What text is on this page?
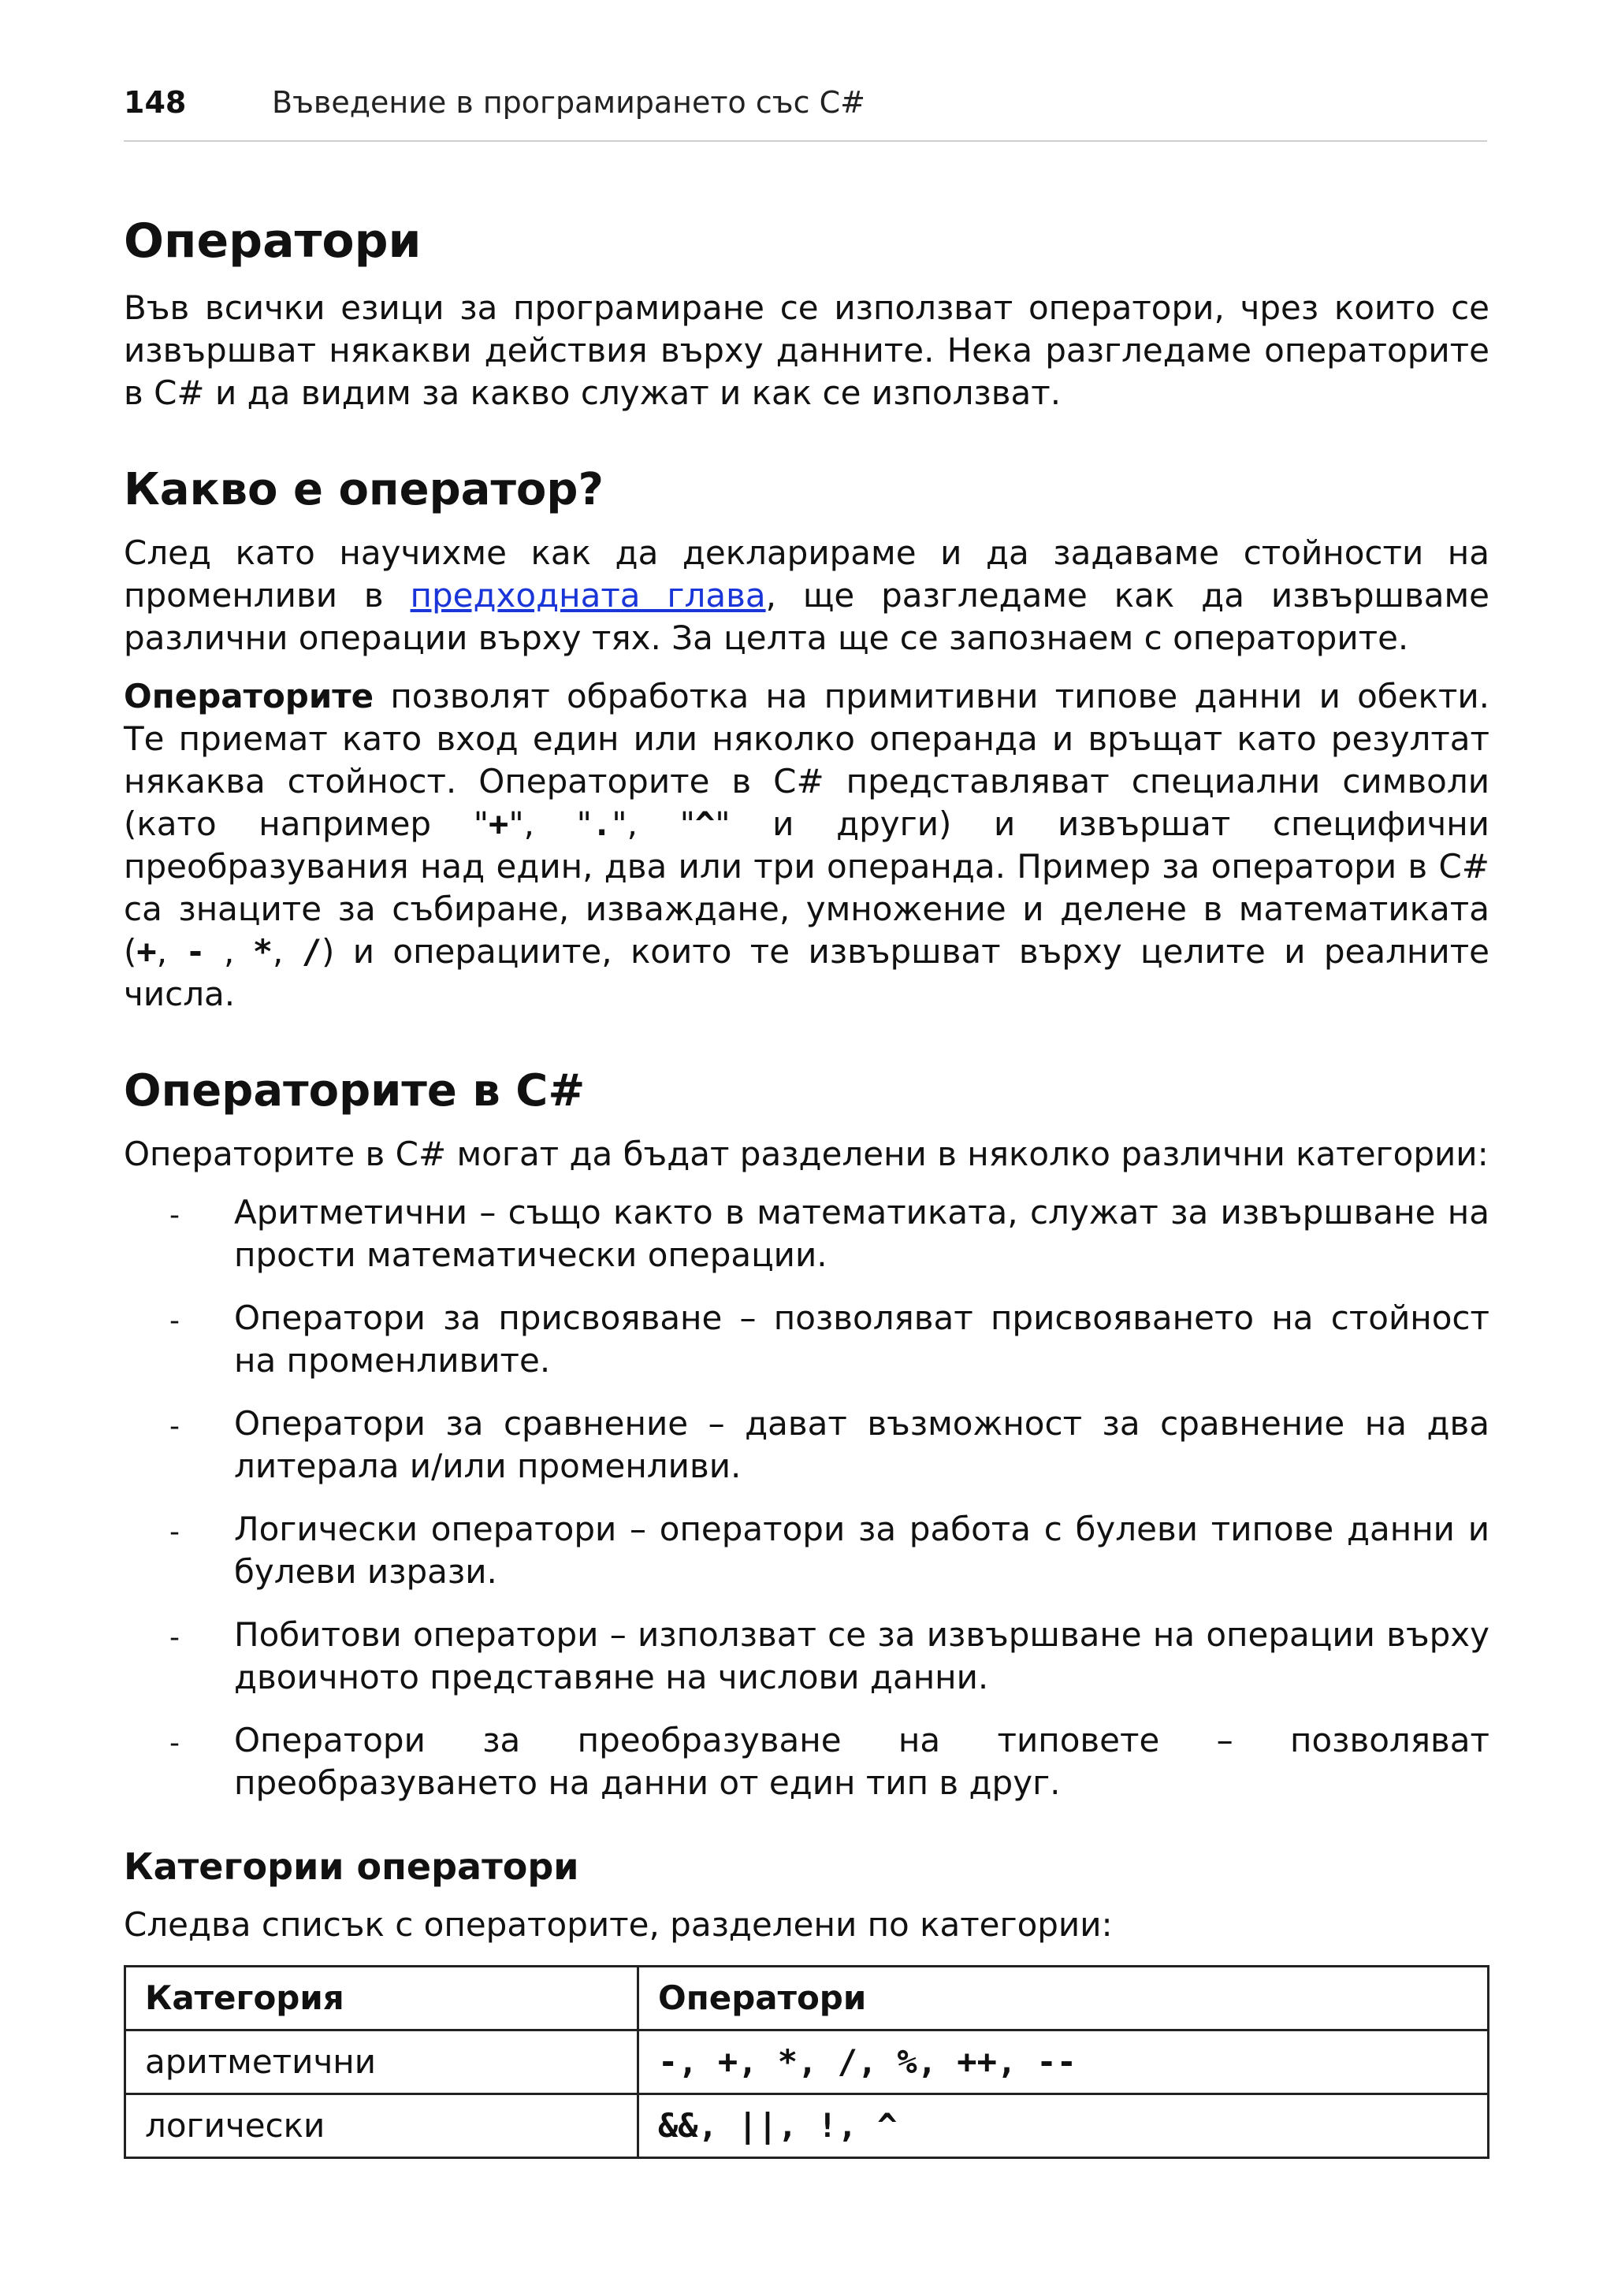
148	Въведение в програмирането със C#
Оператори

Във всички езици за програмиране се използват оператори, чрез които се извършват някакви действия върху данните. Нека разгледаме операторите в C# и да видим за какво служат и как се използват.

Какво е оператор?

След като научихме как да декларираме и да задаваме стойности на променливи в предходната глава, ще разгледаме как да извършваме различни операции върху тях. За целта ще се запознаем с операторите.

Операторите позволят обработка на примитивни типове данни и обекти. Те приемат като вход един или няколко операнда и връщат като резултат някаква стойност. Операторите в C# представляват специални символи (като например "+", ".", "^" и други) и извършат специфични преобразувания над един, два или три операнда. Пример за оператори в C# са знаците за събиране, изваждане, умножение и делене в математиката (+, - , *, /) и операциите, които те извършват върху целите и реалните числа.

Операторите в C#

Операторите в C# могат да бъдат разделени в няколко различни категории:

- Аритметични – също както в математиката, служат за извършване на прости математически операции.
- Оператори за присвояване – позволяват присвояването на стойност на променливите.
- Оператори за сравнение – дават възможност за сравнение на два литерала и/или променливи.
- Логически оператори – оператори за работа с булеви типове данни и булеви изрази.
- Побитови оператори – използват се за извършване на операции върху двоичното представяне на числови данни.
- Оператори за преобразуване на типовете – позволяват преобразуването на данни от един тип в друг.
Категории оператори

Следва списък с операторите, разделени по категории:

Категория	Оператори
аритметични	-, +, *, /, %, ++, --
логически	&&, ||, !, ^
